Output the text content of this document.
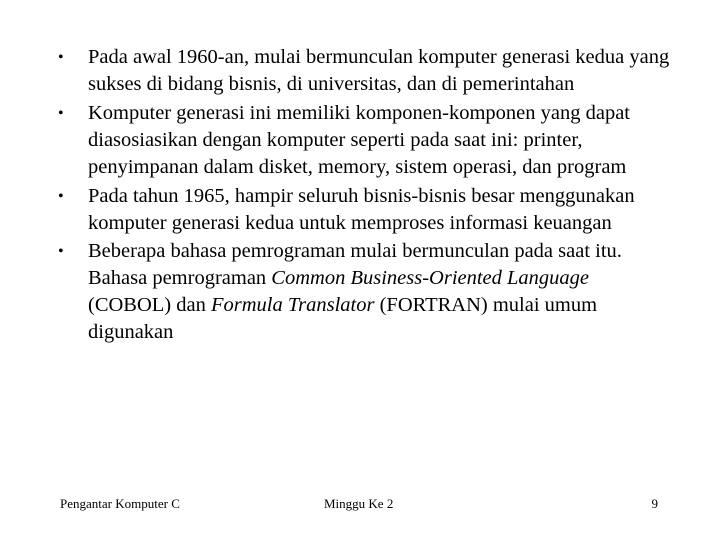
• Pada awal 1960-an, mulai bermunculan komputer generasi kedua yang sukses di bidang bisnis, di universitas, dan di pemerintahan
• Komputer generasi ini memiliki komponen-komponen yang dapat diasosiasikan dengan komputer seperti pada saat ini: printer, penyimpanan dalam disket, memory, sistem operasi, dan program
• Pada tahun 1965, hampir seluruh bisnis-bisnis besar menggunakan komputer generasi kedua untuk memproses informasi keuangan
• Beberapa bahasa pemrograman mulai bermunculan pada saat itu. Bahasa pemrograman Common Business-Oriented Language (COBOL) dan Formula Translator (FORTRAN) mulai umum digunakan
Pengantar Komputer C	Minggu Ke 2	9
